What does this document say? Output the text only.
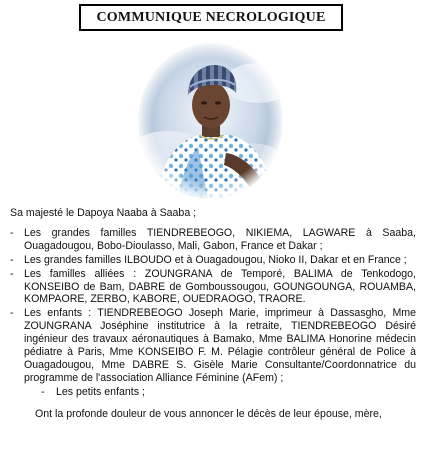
COMMUNIQUE NECROLOGIQUE

Sa majesté le Dapoya Naaba à Saaba ;

- Les grandes familles TIENDREBEOGO, NIKIEMA, LAGWARE à Saaba, Ouagadougou, Bobo-Dioulasso, Mali, Gabon, France et Dakar ;
- Les grandes familles ILBOUDO et à Ouagadougou, Nioko II, Dakar et en France ;
- Les familles alliées : ZOUNGRANA de Temporé, BALIMA de Tenkodogo, KONSEIBO de Bam, DABRE de Gomboussougou, GOUNGOUNGA, ROUAMBA, KOMPAORE, ZERBO, KABORE, OUEDRAOGO, TRAORE.
- Les enfants : TIENDREBEOGO Joseph Marie, imprimeur à Dassasgho, Mme ZOUNGRANA Joséphine institutrice à la retraite, TIENDREBEOGO Désiré ingénieur des travaux aéronautiques à Bamako, Mme BALIMA Honorine médecin pédiatre à Paris, Mme KONSEIBO F. M. Pélagie contrôleur général de Police à Ouagadougou, Mme DABRE S. Gisèle Marie Consultante/Coordonnatrice du programme de l'association Alliance Féminine (AFem) ;
- Les petits enfants ;
Ont la profonde douleur de vous annoncer le décès de leur épouse, mère,
